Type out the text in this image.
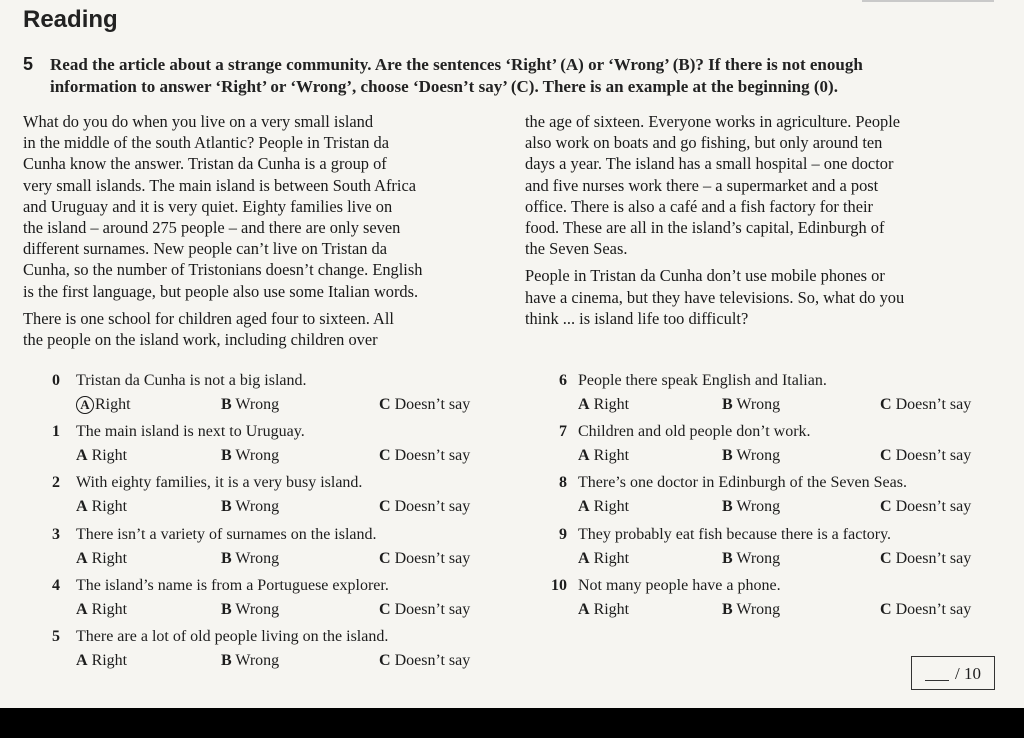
Reading
5 Read the article about a strange community. Are the sentences ‘Right’ (A) or ‘Wrong’ (B)? If there is not enough
information to answer ‘Right’ or ‘Wrong’, choose ‘Doesn’t say’ (C). There is an example at the beginning (0).
What do you do when you live on a very small island
in the middle of the south Atlantic? People in Tristan da
Cunha know the answer. Tristan da Cunha is a group of
very small islands. The main island is between South Africa
and Uruguay and it is very quiet. Eighty families live on
the island – around 275 people – and there are only seven
different surnames. New people can’t live on Tristan da
Cunha, so the number of Tristonians doesn’t change. English
is the first language, but people also use some Italian words.
There is one school for children aged four to sixteen. All
the people on the island work, including children over
the age of sixteen. Everyone works in agriculture. People
also work on boats and go fishing, but only around ten
days a year. The island has a small hospital – one doctor
and five nurses work there – a supermarket and a post
office. There is also a café and a fish factory for their
food. These are all in the island’s capital, Edinburgh of
the Seven Seas.
People in Tristan da Cunha don’t use mobile phones or
have a cinema, but they have televisions. So, what do you
think ... is island life too difficult?
0 Tristan da Cunha is not a big island.
A Right	B Wrong	C Doesn’t say
1 The main island is next to Uruguay.
A Right	B Wrong	C Doesn’t say
2 With eighty families, it is a very busy island.
A Right	B Wrong	C Doesn’t say
3 There isn’t a variety of surnames on the island.
A Right	B Wrong	C Doesn’t say
4 The island’s name is from a Portuguese explorer.
A Right	B Wrong	C Doesn’t say
5 There are a lot of old people living on the island.
A Right	B Wrong	C Doesn’t say
6 People there speak English and Italian.
A Right	B Wrong	C Doesn’t say
7 Children and old people don’t work.
A Right	B Wrong	C Doesn’t say
8 There’s one doctor in Edinburgh of the Seven Seas.
A Right	B Wrong	C Doesn’t say
9 They probably eat fish because there is a factory.
A Right	B Wrong	C Doesn’t say
10 Not many people have a phone.
A Right	B Wrong	C Doesn’t say
/ 10
